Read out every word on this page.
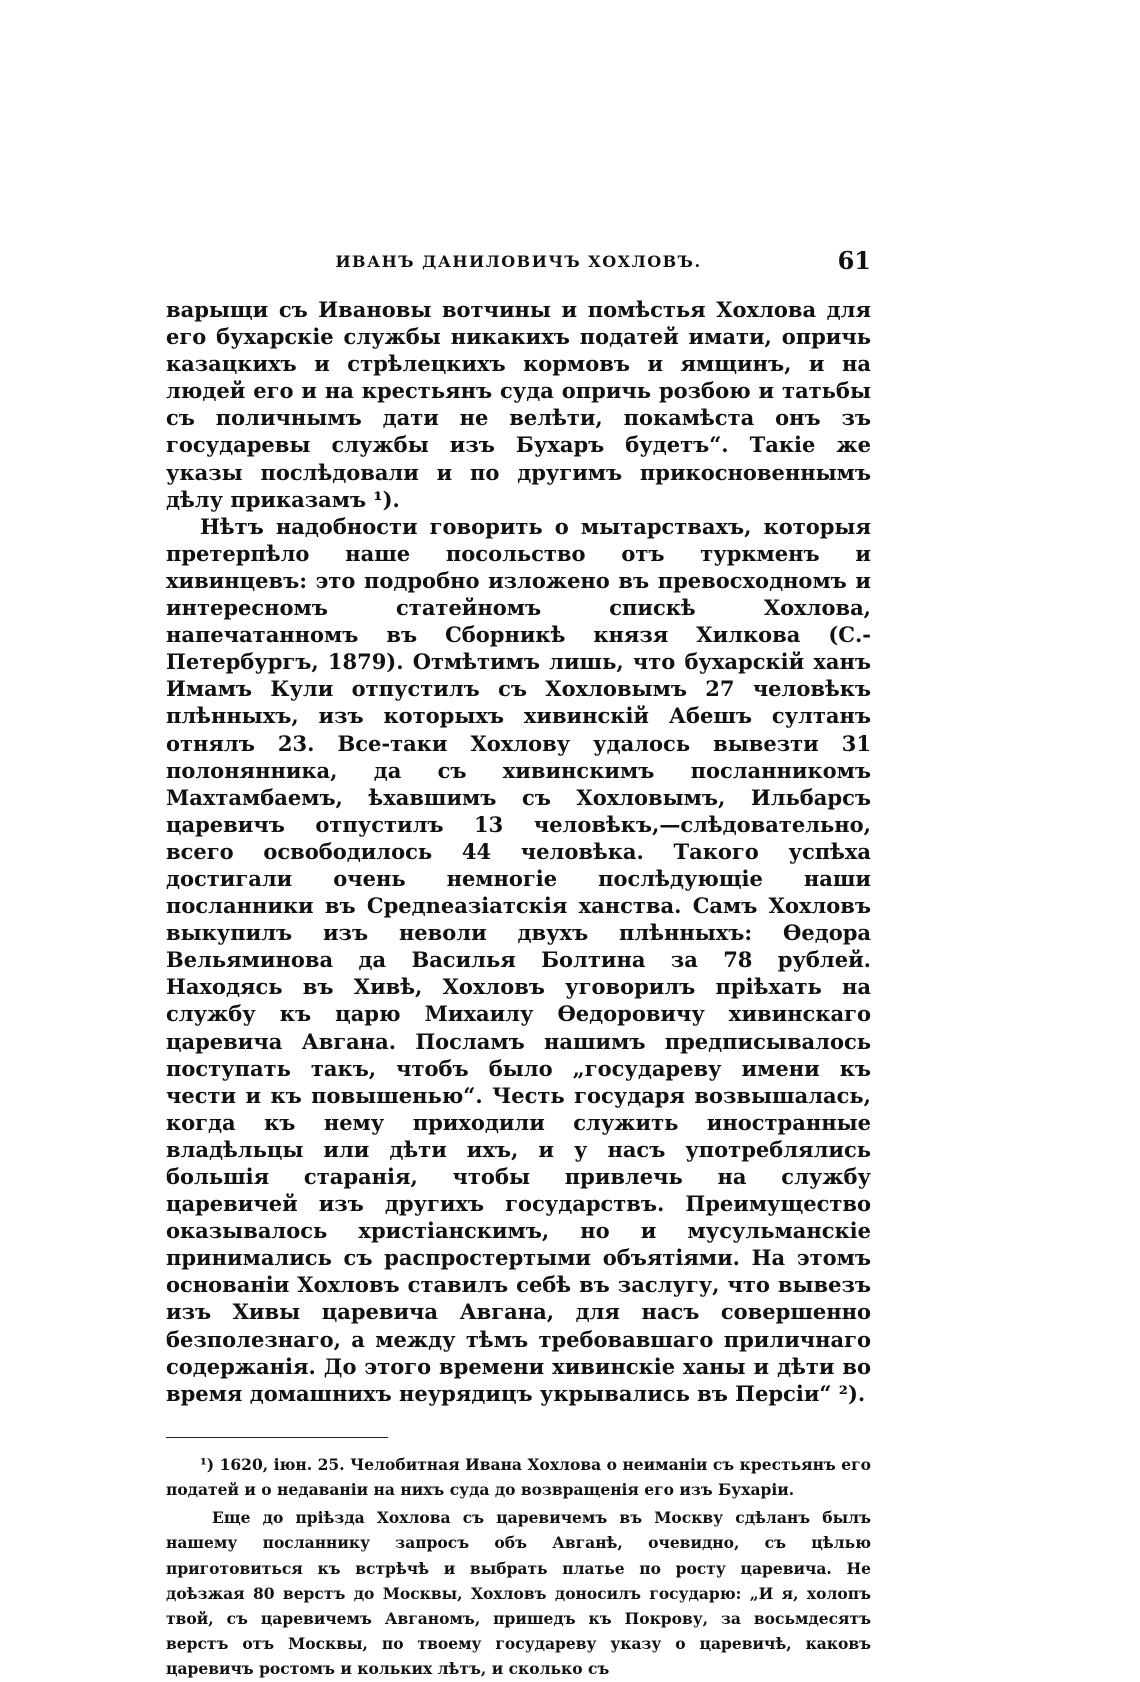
ИВАНЪ ДАНИЛОВИЧЪ ХОХЛОВЪ.	61

варыщи съ Ивановы вотчины и помѣстья Хохлова для его бухарскіе службы никакихъ податей имати, опричь казацкихъ и стрѣлецкихъ кормовъ и ямщинъ, и на людей его и на крестьянъ суда опричь розбою и татьбы съ поличнымъ дати не велѣти, покамѣста онъ зъ государевы службы изъ Бухаръ будетъ“. Такіе же указы послѣдовали и по другимъ прикосновеннымъ дѣлу приказамъ ¹).

Нѣтъ надобности говорить о мытарствахъ, которыя претерпѣло наше посольство отъ туркменъ и хивинцевъ: это подробно изложено въ превосходномъ и интересномъ статейномъ спискѣ Хохлова, напечатанномъ въ Сборникѣ князя Хилкова (С.-Петербургъ, 1879). Отмѣтимъ лишь, что бухарскій ханъ Имамъ Кули отпустилъ съ Хохловымъ 27 человѣкъ плѣнныхъ, изъ которыхъ хивинскій Абешъ султанъ отнялъ 23. Все-таки Хохлову удалось вывезти 31 полонянника, да съ хивинскимъ посланникомъ Махтамбаемъ, ѣхавшимъ съ Хохловымъ, Ильбарсъ царевичъ отпустилъ 13 человѣкъ,—слѣдовательно, всего освободилось 44 человѣка. Такого успѣха достигали очень немногіе послѣдующіе наши посланники въ Средneазіатскія ханства. Самъ Хохловъ выкупилъ изъ неволи двухъ плѣнныхъ: Ѳедора Вельяминова да Василья Болтина за 78 рублей. Находясь въ Хивѣ, Хохловъ уговорилъ пріѣхать на службу къ царю Михаилу Ѳедоровичу хивинскаго царевича Авгана. Посламъ нашимъ предписывалось поступать такъ, чтобъ было „государеву имени къ чести и къ повышенью“. Честь государя возвышалась, когда къ нему приходили служить иностранные владѣльцы или дѣти ихъ, и у насъ употреблялись большія старанія, чтобы привлечь на службу царевичей изъ другихъ государствъ. Преимущество оказывалось христіанскимъ, но и мусульманскіе принимались съ распростертыми объятіями. На этомъ основаніи Хохловъ ставилъ себѣ въ заслугу, что вывезъ изъ Хивы царевича Авгана, для насъ совершенно безполезнаго, а между тѣмъ требовавшаго приличнаго содержанія. До этого времени хивинскіе ханы и дѣти во время домашнихъ неурядицъ укрывались въ Персіи“ ²).

¹) 1620, іюн. 25. Челобитная Ивана Хохлова о неиманіи съ крестьянъ его податей и о недаваніи на нихъ суда до возвращенія его изъ Бухаріи.

Еще до пріѣзда Хохлова съ царевичемъ въ Москву сдѣланъ былъ нашему посланнику запросъ объ Авганѣ, очевидно, съ цѣлью приготовиться къ встрѣчѣ и выбрать платье по росту царевича. Не доѣзжая 80 верстъ до Москвы, Хохловъ доносилъ государю: „И я, холопъ твой, съ царевичемъ Авганомъ, пришедъ къ Покрову, за восьмдесятъ верстъ отъ Москвы, по твоему государеву указу о царевичѣ, каковъ царевичъ ростомъ и кольких лѣтъ, и сколько съ
